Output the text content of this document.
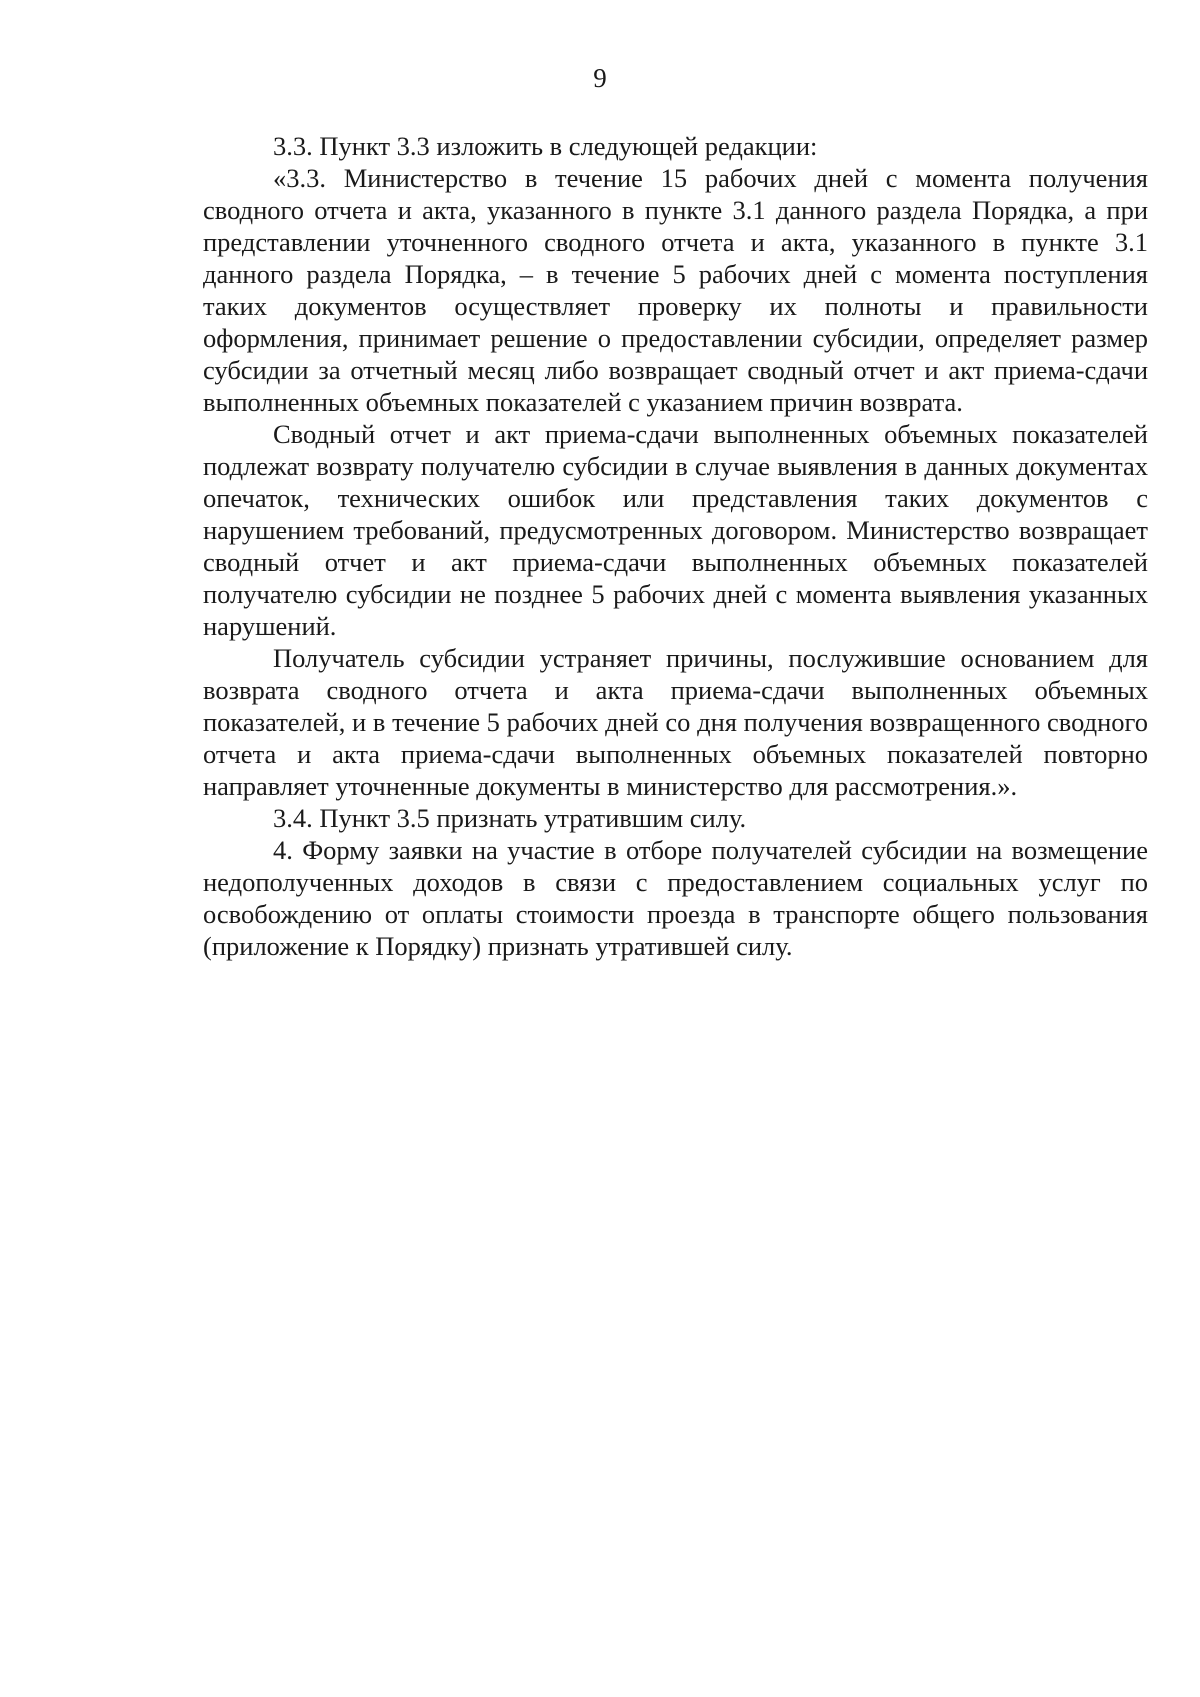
9

3.3. Пункт 3.3 изложить в следующей редакции:

«3.3. Министерство в течение 15 рабочих дней с момента получения сводного отчета и акта, указанного в пункте 3.1 данного раздела Порядка, а при представлении уточненного сводного отчета и акта, указанного в пункте 3.1 данного раздела Порядка, – в течение 5 рабочих дней с момента поступления таких документов осуществляет проверку их полноты и правильности оформления, принимает решение о предоставлении субсидии, определяет размер субсидии за отчетный месяц либо возвращает сводный отчет и акт приема-сдачи выполненных объемных показателей с указанием причин возврата.

Сводный отчет и акт приема-сдачи выполненных объемных показателей подлежат возврату получателю субсидии в случае выявления в данных документах опечаток, технических ошибок или представления таких документов с нарушением требований, предусмотренных договором. Министерство возвращает сводный отчет и акт приема-сдачи выполненных объемных показателей получателю субсидии не позднее 5 рабочих дней с момента выявления указанных нарушений.

Получатель субсидии устраняет причины, послужившие основанием для возврата сводного отчета и акта приема-сдачи выполненных объемных показателей, и в течение 5 рабочих дней со дня получения возвращенного сводного отчета и акта приема-сдачи выполненных объемных показателей повторно направляет уточненные документы в министерство для рассмотрения.».

3.4. Пункт 3.5 признать утратившим силу.

4. Форму заявки на участие в отборе получателей субсидии на возмещение недополученных доходов в связи с предоставлением социальных услуг по освобождению от оплаты стоимости проезда в транспорте общего пользования (приложение к Порядку) признать утратившей силу.
